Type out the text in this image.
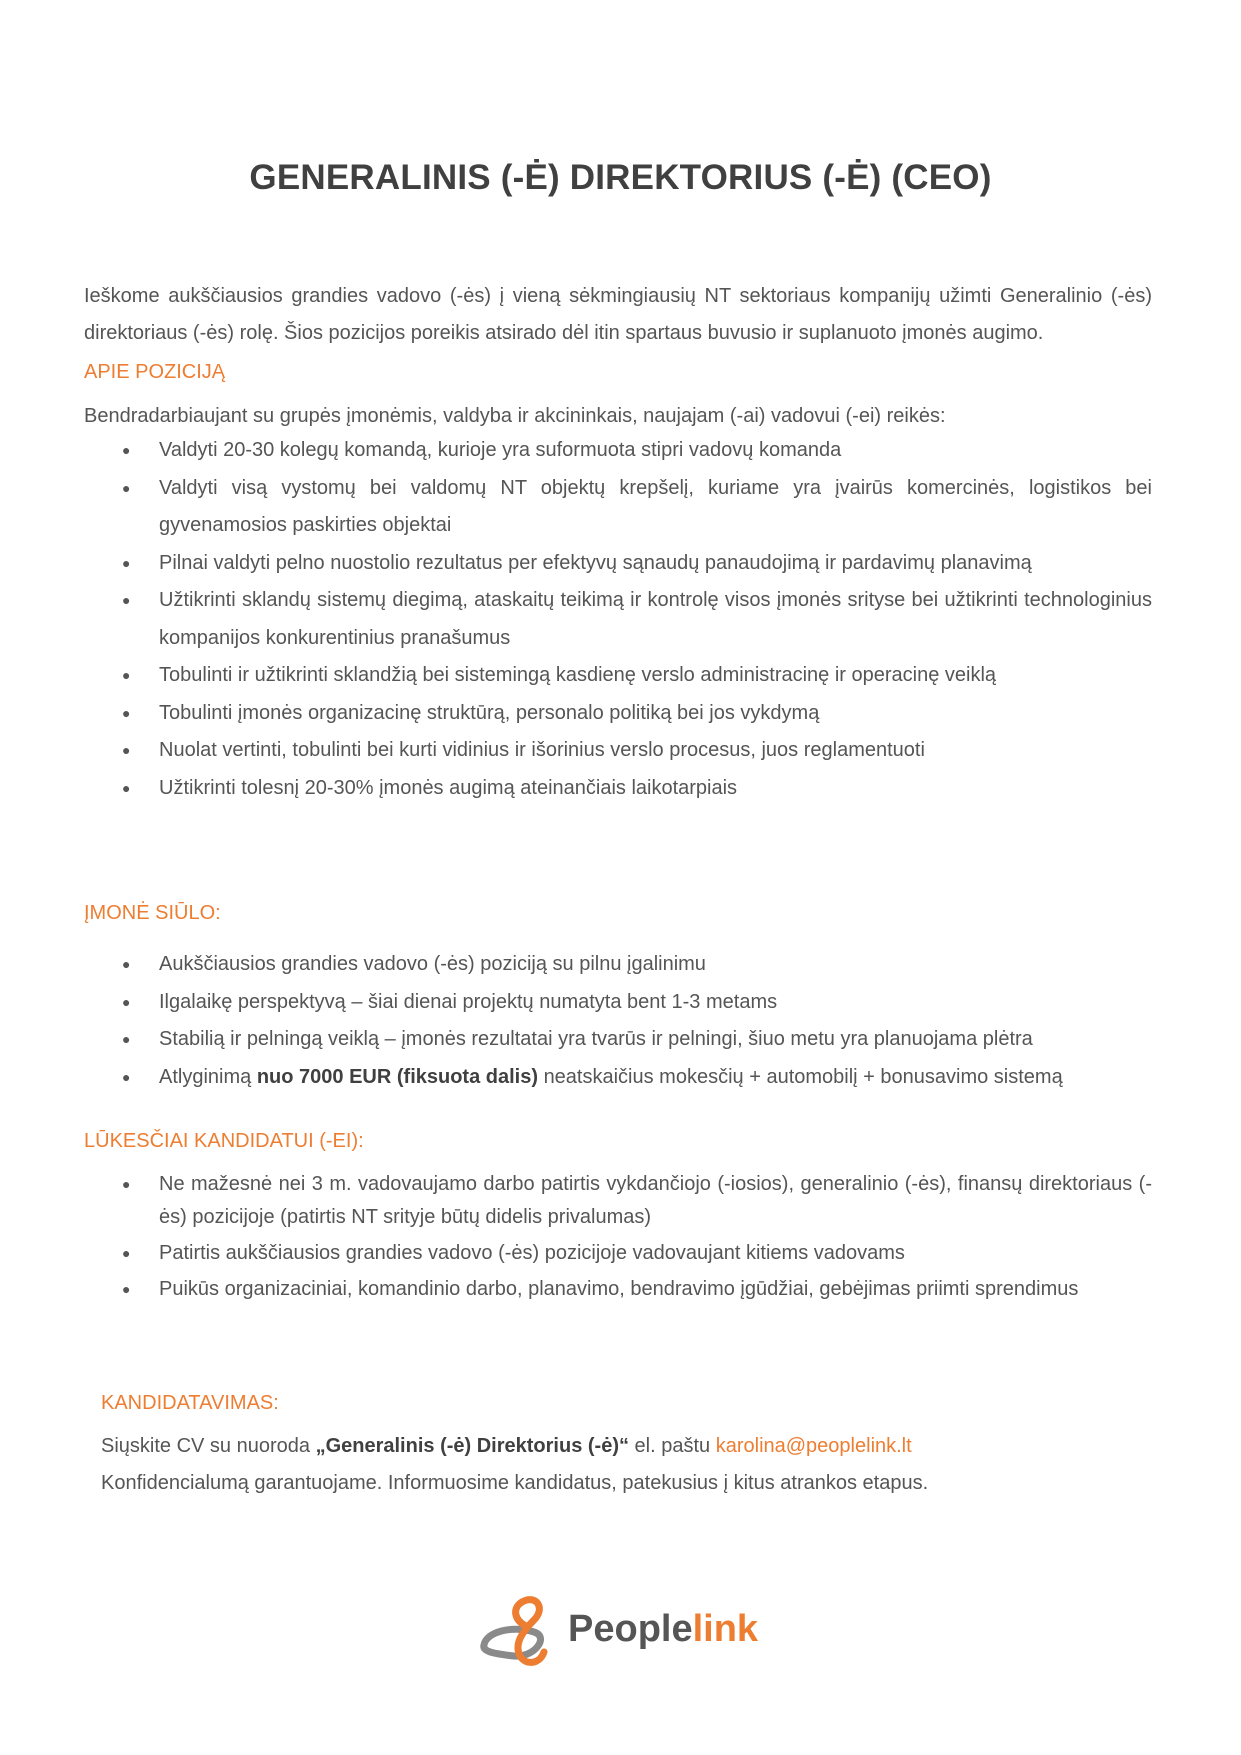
GENERALINIS (-Ė) DIREKTORIUS (-Ė) (CEO)
Ieškome aukščiausios grandies vadovo (-ės) į vieną sėkmingiausių NT sektoriaus kompanijų užimti Generalinio (-ės) direktoriaus (-ės) rolę. Šios pozicijos poreikis atsirado dėl itin spartaus buvusio ir suplanuoto įmonės augimo.
APIE POZICIJĄ
Bendradarbiaujant su grupės įmonėmis, valdyba ir akcininkais, naujajam (-ai) vadovui (-ei) reikės:
● Valdyti 20-30 kolegų komandą, kurioje yra suformuota stipri vadovų komanda
● Valdyti visą vystomų bei valdomų NT objektų krepšelį, kuriame yra įvairūs komercinės, logistikos bei gyvenamosios paskirties objektai
● Pilnai valdyti pelno nuostolio rezultatus per efektyvų sąnaudų panaudojimą ir pardavimų planavimą
● Užtikrinti sklandų sistemų diegimą, ataskaitų teikimą ir kontrolę visos įmonės srityse bei užtikrinti technologinius kompanijos konkurentinius pranašumus
● Tobulinti ir užtikrinti sklandžią bei sistemingą kasdienę verslo administracinę ir operacinę veiklą
● Tobulinti įmonės organizacinę struktūrą, personalo politiką bei jos vykdymą
● Nuolat vertinti, tobulinti bei kurti vidinius ir išorinius verslo procesus, juos reglamentuoti
● Užtikrinti tolesnį 20-30% įmonės augimą ateinančiais laikotarpiais
ĮMONĖ SIŪLO:
● Aukščiausios grandies vadovo (-ės) poziciją su pilnu įgalinimu
● Ilgalaikę perspektyvą – šiai dienai projektų numatyta bent 1-3 metams
● Stabilią ir pelningą veiklą – įmonės rezultatai yra tvarūs ir pelningi, šiuo metu yra planuojama plėtra
● Atlyginimą nuo 7000 EUR (fiksuota dalis) neatskaičius mokesčių + automobilį + bonusavimo sistemą
LŪKESČIAI KANDIDATUI (-EI):
● Ne mažesnė nei 3 m. vadovaujamo darbo patirtis vykdančiojo (-iosios), generalinio (-ės), finansų direktoriaus (-ės) pozicijoje (patirtis NT srityje būtų didelis privalumas)
● Patirtis aukščiausios grandies vadovo (-ės) pozicijoje vadovaujant kitiems vadovams
● Puikūs organizaciniai, komandinio darbo, planavimo, bendravimo įgūdžiai, gebėjimas priimti sprendimus
KANDIDATAVIMAS:
Siųskite CV su nuoroda „Generalinis (-ė) Direktorius (-ė)“ el. paštu karolina@peoplelink.lt
Konfidencialumą garantuojame. Informuosime kandidatus, patekusius į kitus atrankos etapus.
Peoplelink
